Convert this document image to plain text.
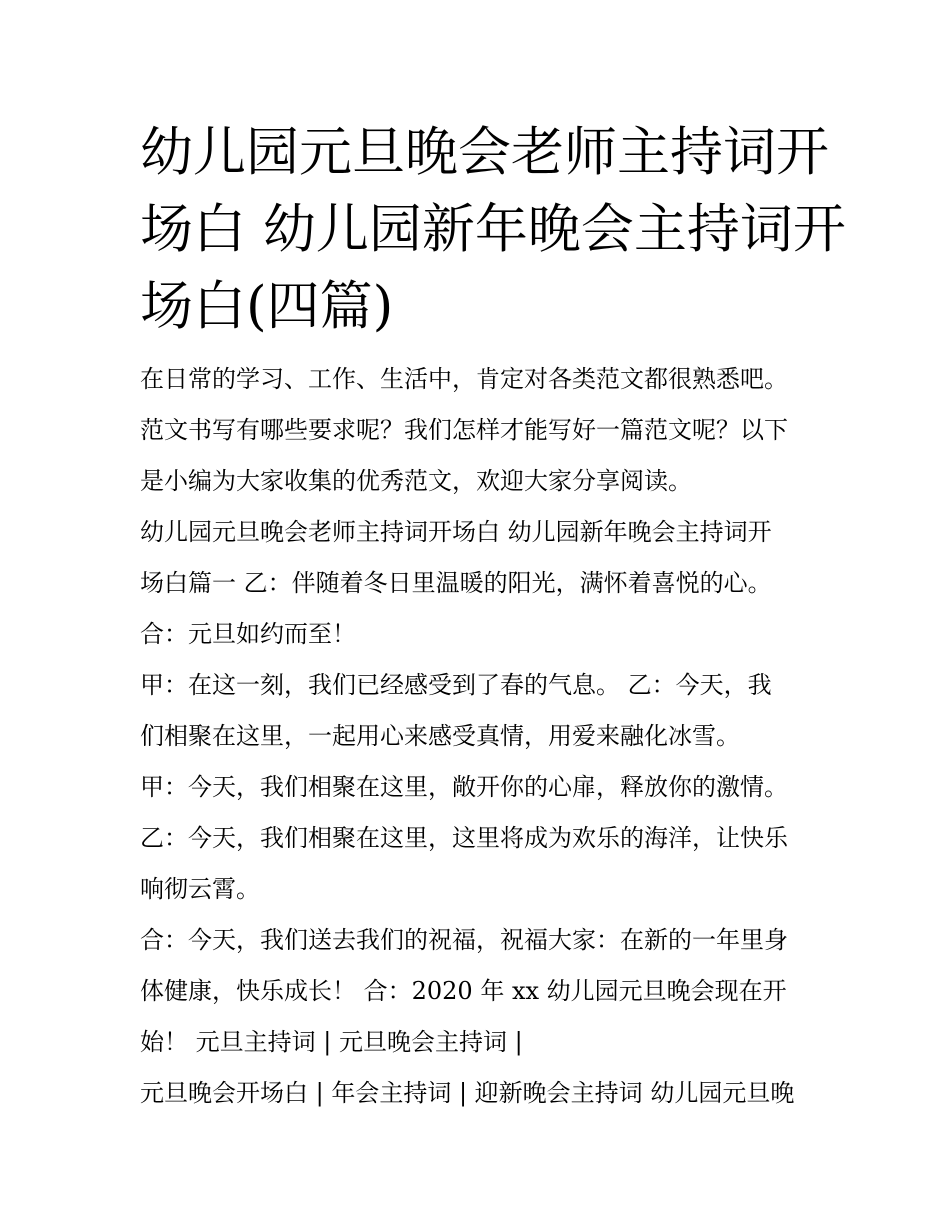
幼儿园元旦晚会老师主持词开
场白 幼儿园新年晚会主持词开
场白(四篇)
在日常的学习、工作、生活中，肯定对各类范文都很熟悉吧。
范文书写有哪些要求呢？我们怎样才能写好一篇范文呢？以下
是小编为大家收集的优秀范文，欢迎大家分享阅读。
幼儿园元旦晚会老师主持词开场白 幼儿园新年晚会主持词开
场白篇一 乙：伴随着冬日里温暖的阳光，满怀着喜悦的心。
合：元旦如约而至！
甲：在这一刻，我们已经感受到了春的气息。 乙：今天，我
们相聚在这里，一起用心来感受真情，用爱来融化冰雪。
甲：今天，我们相聚在这里，敞开你的心扉，释放你的激情。
乙：今天，我们相聚在这里，这里将成为欢乐的海洋，让快乐
响彻云霄。
合：今天，我们送去我们的祝福，祝福大家：在新的一年里身
体健康，快乐成长！ 合：2020 年 xx 幼儿园元旦晚会现在开
始！ 元旦主持词 | 元旦晚会主持词 |
元旦晚会开场白 | 年会主持词 | 迎新晚会主持词 幼儿园元旦晚
